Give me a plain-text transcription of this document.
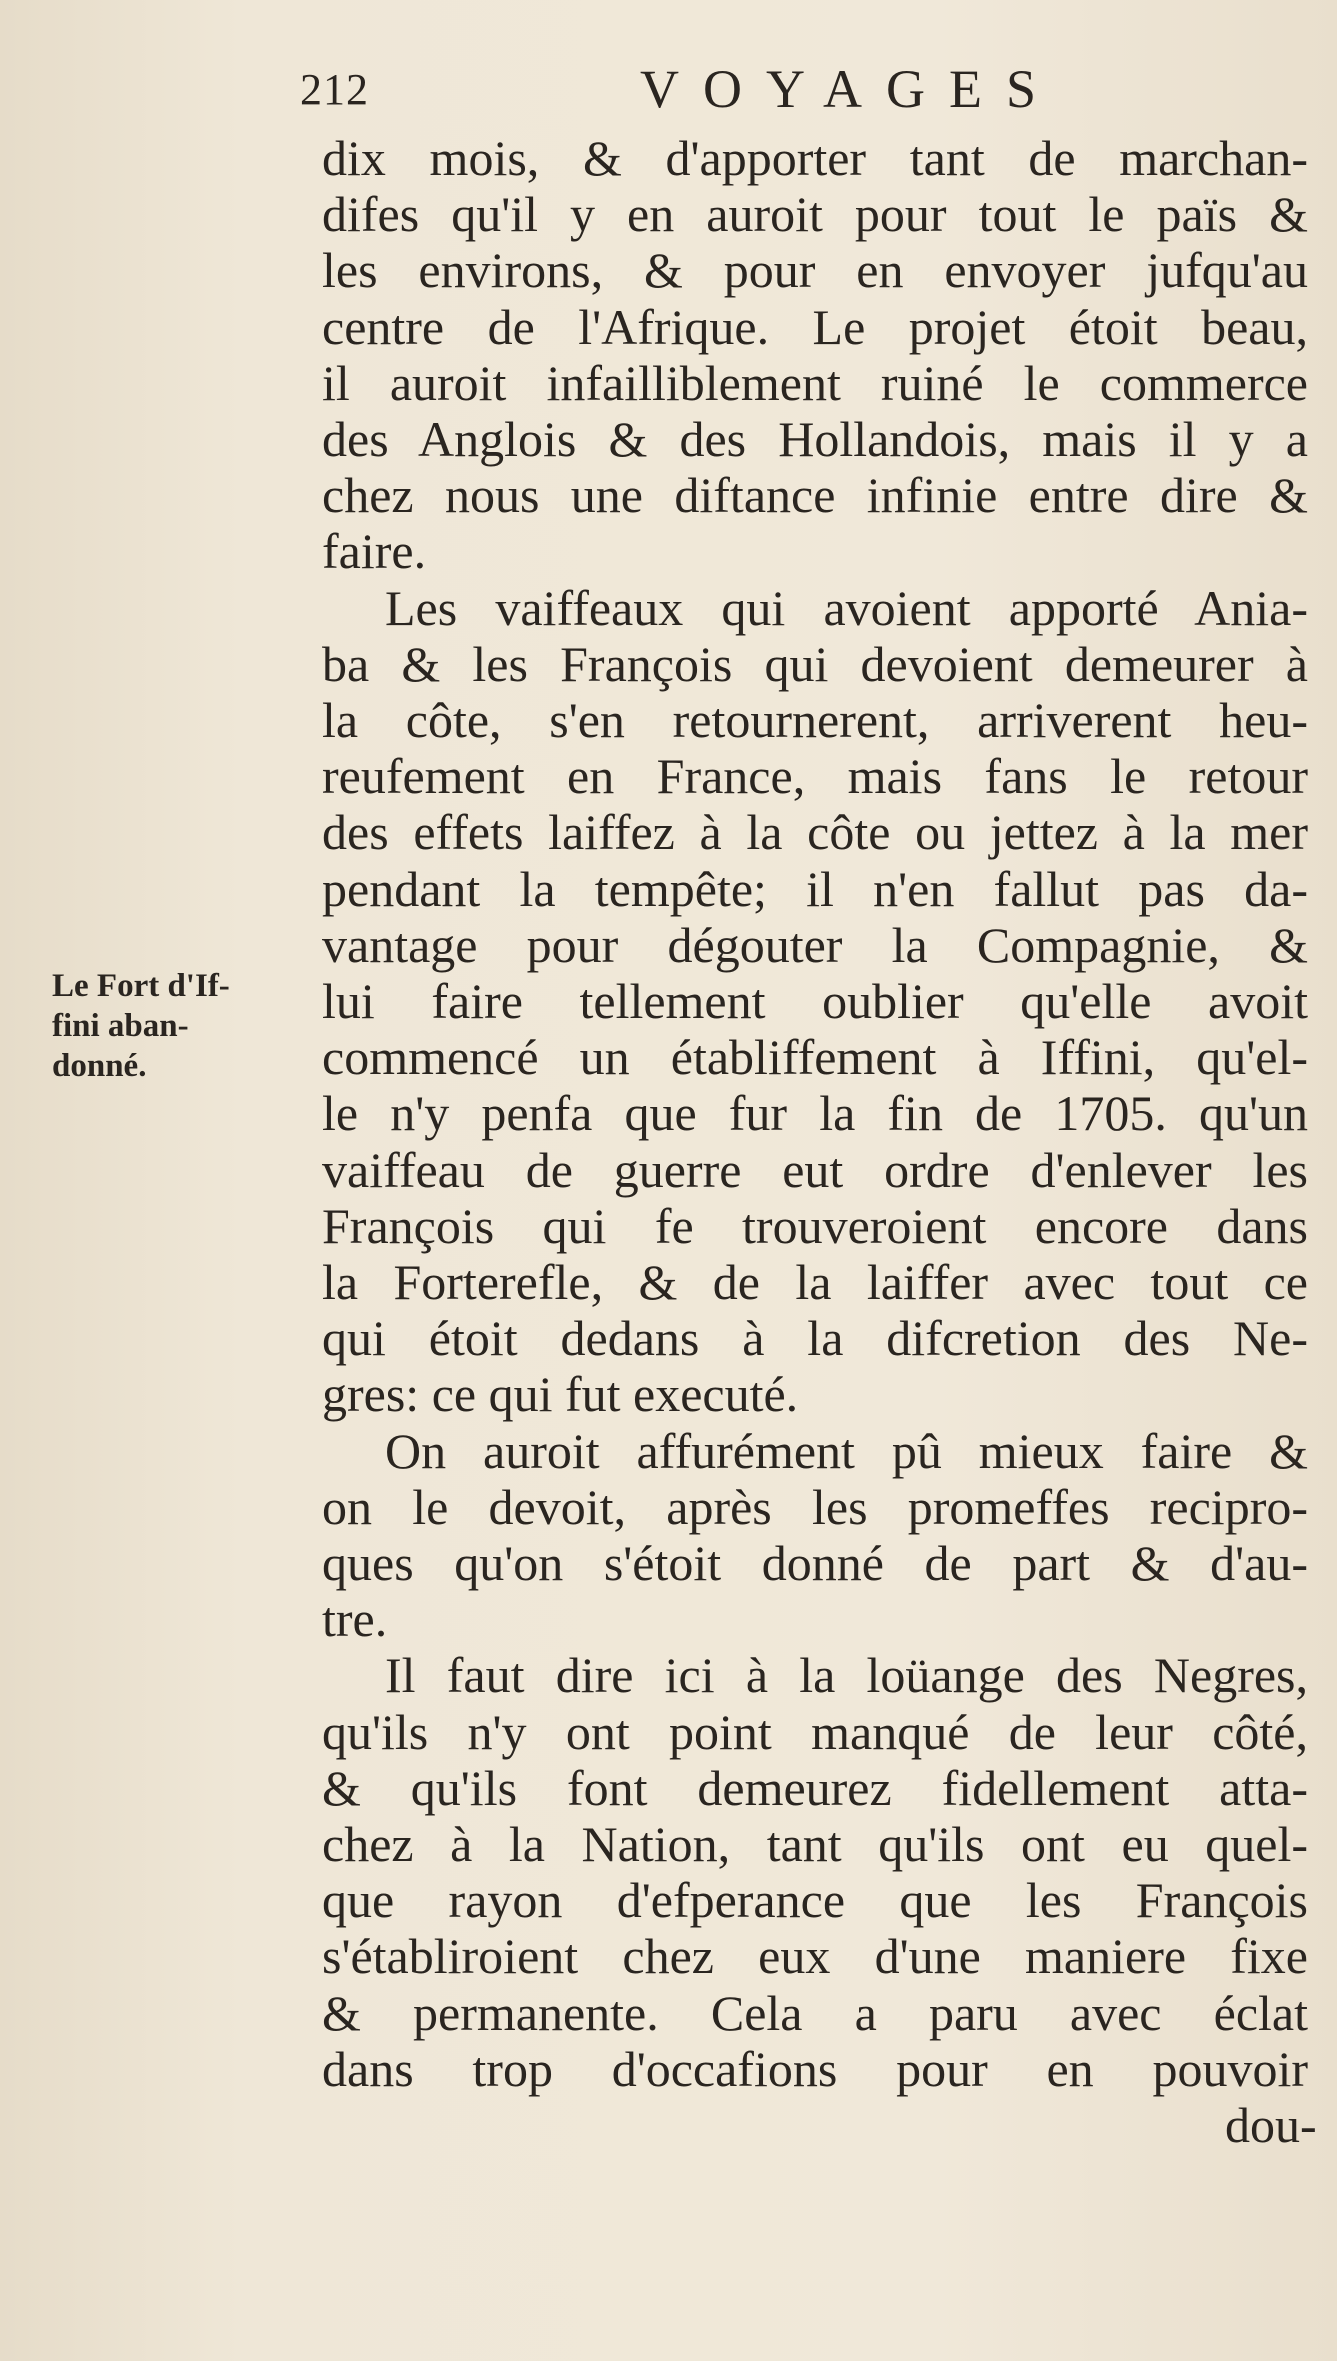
212	VOYAGES
Le Fort d'If-
fini aban-
donné.
dix mois, & d'apporter tant de marchan-
difes qu'il y en auroit pour tout le païs &
les environs, & pour en envoyer jufqu'au
centre de l'Afrique. Le projet étoit beau,
il auroit infailliblement ruiné le commerce
des Anglois & des Hollandois, mais il y a
chez nous une diftance infinie entre dire &
faire.
Les vaiffeaux qui avoient apporté Ania-
ba & les François qui devoient demeurer à
la côte, s'en retournerent, arriverent heu-
reufement en France, mais fans le retour
des effets laiffez à la côte ou jettez à la mer
pendant la tempête; il n'en fallut pas da-
vantage pour dégouter la Compagnie, &
lui faire tellement oublier qu'elle avoit
commencé un établiffement à Iffini, qu'el-
le n'y penfa que fur la fin de 1705. qu'un
vaiffeau de guerre eut ordre d'enlever les
François qui fe trouveroient encore dans
la Forterefle, & de la laiffer avec tout ce
qui étoit dedans à la difcretion des Ne-
gres: ce qui fut executé.
On auroit affurément pû mieux faire &
on le devoit, après les promeffes recipro-
ques qu'on s'étoit donné de part & d'au-
tre.
Il faut dire ici à la loüange des Negres,
qu'ils n'y ont point manqué de leur côté,
& qu'ils font demeurez fidellement atta-
chez à la Nation, tant qu'ils ont eu quel-
que rayon d'efperance que les François
s'établiroient chez eux d'une maniere fixe
& permanente. Cela a paru avec éclat
dans trop d'occafions pour en pouvoir
dou-
